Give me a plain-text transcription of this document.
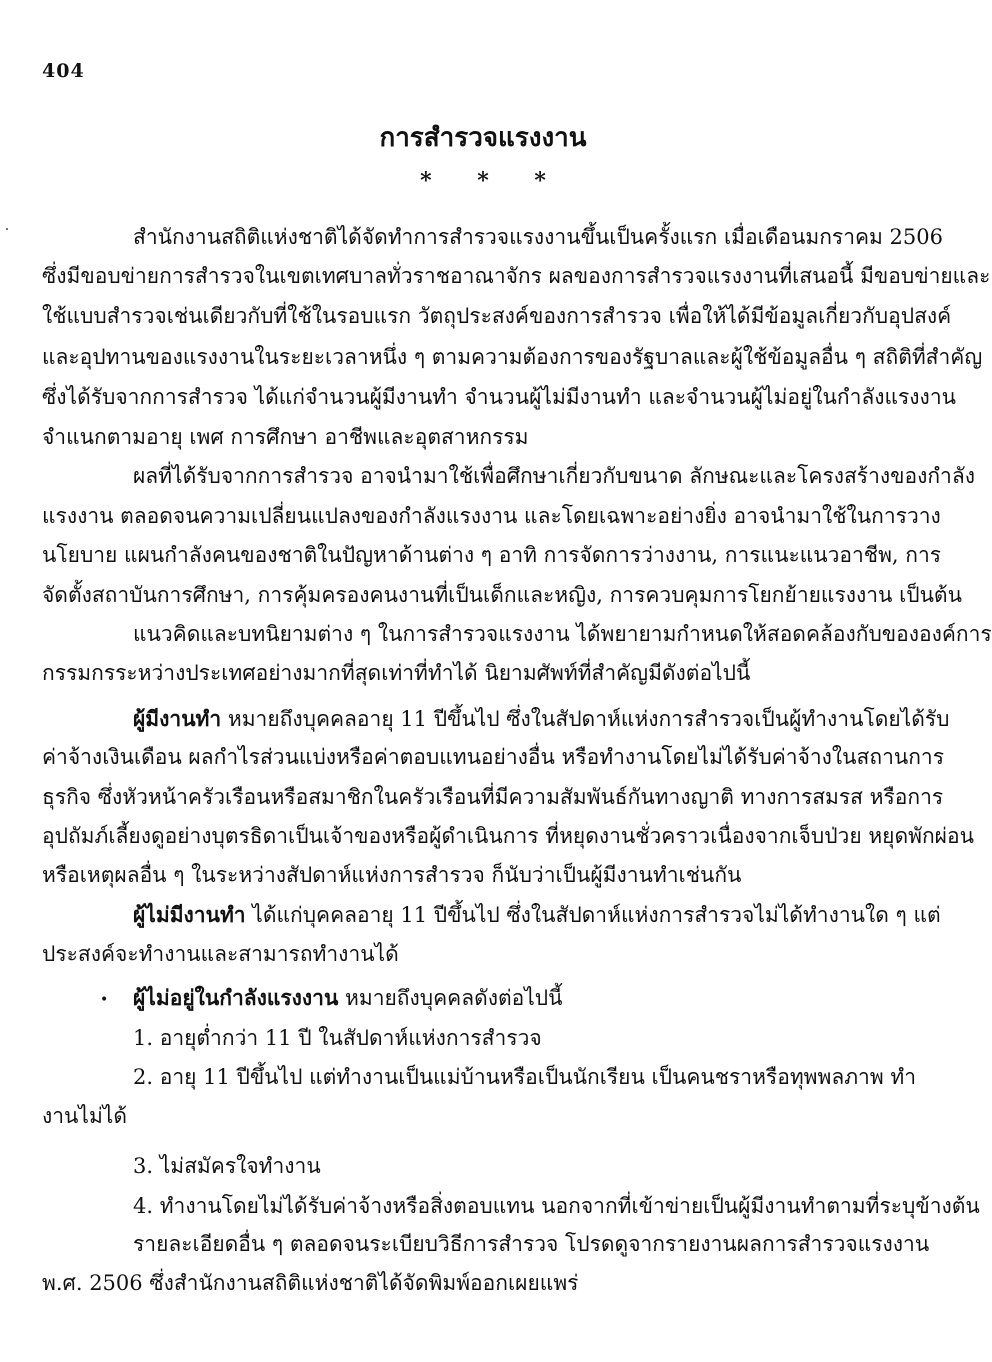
404
การสำรวจแรงงาน
* * *
สำนักงานสถิติแห่งชาติได้จัดทำการสำรวจแรงงานขึ้นเป็นครั้งแรก เมื่อเดือนมกราคม 2506
ซึ่งมีขอบข่ายการสำรวจในเขตเทศบาลทั่วราชอาณาจักร ผลของการสำรวจแรงงานที่เสนอนี้ มีขอบข่ายและ
ใช้แบบสำรวจเช่นเดียวกับที่ใช้ในรอบแรก วัตถุประสงค์ของการสำรวจ เพื่อให้ได้มีข้อมูลเกี่ยวกับอุปสงค์
และอุปทานของแรงงานในระยะเวลาหนึ่ง ๆ ตามความต้องการของรัฐบาลและผู้ใช้ข้อมูลอื่น ๆ สถิติที่สำคัญ
ซึ่งได้รับจากการสำรวจ ได้แก่จำนวนผู้มีงานทำ จำนวนผู้ไม่มีงานทำ และจำนวนผู้ไม่อยู่ในกำลังแรงงาน
จำแนกตามอายุ เพศ การศึกษา อาชีพและอุตสาหกรรม
ผลที่ได้รับจากการสำรวจ อาจนำมาใช้เพื่อศึกษาเกี่ยวกับขนาด ลักษณะและโครงสร้างของกำลัง
แรงงาน ตลอดจนความเปลี่ยนแปลงของกำลังแรงงาน และโดยเฉพาะอย่างยิ่ง อาจนำมาใช้ในการวาง
นโยบาย แผนกำลังคนของชาติในปัญหาด้านต่าง ๆ อาทิ การจัดการว่างงาน, การแนะแนวอาชีพ, การ
จัดตั้งสถาบันการศึกษา, การคุ้มครองคนงานที่เป็นเด็กและหญิง, การควบคุมการโยกย้ายแรงงาน เป็นต้น
แนวคิดและบทนิยามต่าง ๆ ในการสำรวจแรงงาน ได้พยายามกำหนดให้สอดคล้องกับขององค์การ
กรรมกรระหว่างประเทศอย่างมากที่สุดเท่าที่ทำได้ นิยามศัพท์ที่สำคัญมีดังต่อไปนี้
ผู้มีงานทำ หมายถึงบุคคลอายุ 11 ปีขึ้นไป ซึ่งในสัปดาห์แห่งการสำรวจเป็นผู้ทำงานโดยได้รับ
ค่าจ้างเงินเดือน ผลกำไรส่วนแบ่งหรือค่าตอบแทนอย่างอื่น หรือทำงานโดยไม่ได้รับค่าจ้างในสถานการ
ธุรกิจ ซึ่งหัวหน้าครัวเรือนหรือสมาชิกในครัวเรือนที่มีความสัมพันธ์กันทางญาติ ทางการสมรส หรือการ
อุปถัมภ์เลี้ยงดูอย่างบุตรธิดาเป็นเจ้าของหรือผู้ดำเนินการ ที่หยุดงานชั่วคราวเนื่องจากเจ็บป่วย หยุดพักผ่อน
หรือเหตุผลอื่น ๆ ในระหว่างสัปดาห์แห่งการสำรวจ ก็นับว่าเป็นผู้มีงานทำเช่นกัน
ผู้ไม่มีงานทำ ได้แก่บุคคลอายุ 11 ปีขึ้นไป ซึ่งในสัปดาห์แห่งการสำรวจไม่ได้ทำงานใด ๆ แต่
ประสงค์จะทำงานและสามารถทำงานได้
• ผู้ไม่อยู่ในกำลังแรงงาน หมายถึงบุคคลดังต่อไปนี้
1. อายุต่ำกว่า 11 ปี ในสัปดาห์แห่งการสำรวจ
2. อายุ 11 ปีขึ้นไป แต่ทำงานเป็นแม่บ้านหรือเป็นนักเรียน เป็นคนชราหรือทุพพลภาพ ทำ
งานไม่ได้
3. ไม่สมัครใจทำงาน
4. ทำงานโดยไม่ได้รับค่าจ้างหรือสิ่งตอบแทน นอกจากที่เข้าข่ายเป็นผู้มีงานทำตามที่ระบุข้างต้น
รายละเอียดอื่น ๆ ตลอดจนระเบียบวิธีการสำรวจ โปรดดูจากรายงานผลการสำรวจแรงงาน
พ.ศ. 2506 ซึ่งสำนักงานสถิติแห่งชาติได้จัดพิมพ์ออกเผยแพร่
